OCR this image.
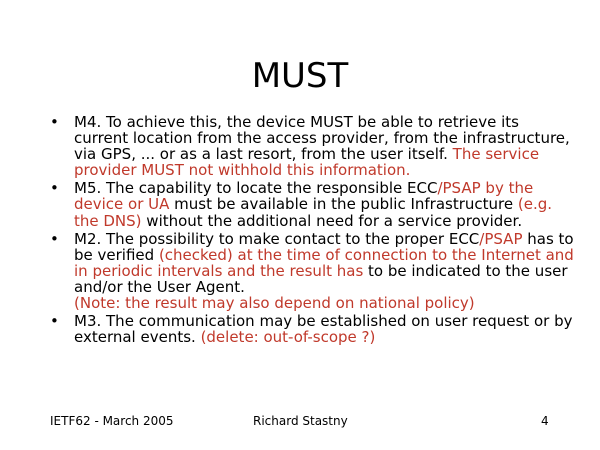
MUST
• M4. To achieve this, the device MUST be able to retrieve its current location from the access provider, from the infrastructure, via GPS, ... or as a last resort, from the user itself. The service provider MUST not withhold this information.
• M5. The capability to locate the responsible ECC/PSAP by the device or UA must be available in the public Infrastructure (e.g. the DNS) without the additional need for a service provider.
• M2. The possibility to make contact to the proper ECC/PSAP has to be verified (checked) at the time of connection to the Internet and in periodic intervals and the result has to be indicated to the user and/or the User Agent.
(Note: the result may also depend on national policy)
• M3. The communication may be established on user request or by external events. (delete: out-of-scope ?)
IETF62 - March 2005	Richard Stastny	4
